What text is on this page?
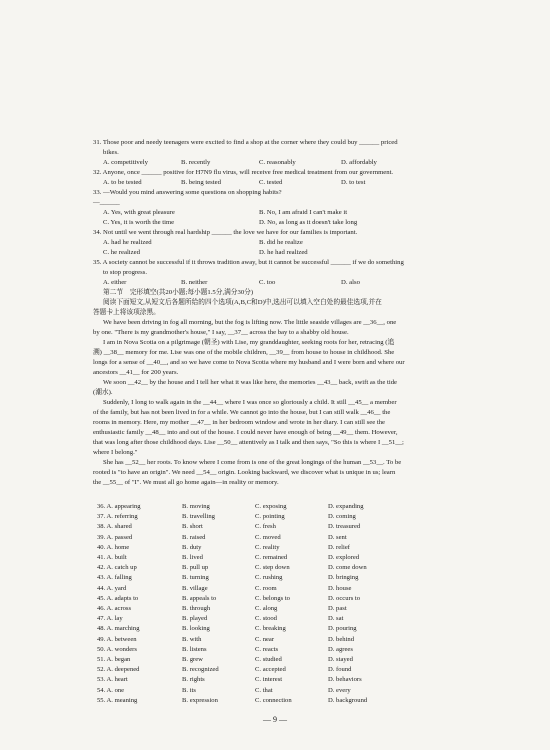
31. Those poor and needy teenagers were excited to find a shop at the corner where they could buy ______ priced
bikes.
A. competitively	B. recently	C. reasonably	D. affordably
32. Anyone, once ______ positive for H7N9 flu virus, will receive free medical treatment from our government.
A. to be tested	B. being tested	C. tested	D. to test
33. —Would you mind answering some questions on shopping habits?
—______
A. Yes, with great pleasure	B. No, I am afraid I can't make it
C. Yes, it is worth the time	D. No, as long as it doesn't take long
34. Not until we went through real hardship ______ the love we have for our families is important.
A. had he realized	B. did he realize
C. he realized	D. he had realized
35. A society cannot be successful if it throws tradition away, but it cannot be successful ______ if we do something
to stop progress.
A. either	B. neither	C. too	D. also
第二节　完形填空(共20小题;每小题1.5分,满分30分)
阅读下面短文,从短文后各题所给的四个选项(A,B,C和D)中,选出可以填入空白处的最佳选项,并在
答题卡上将该项涂黑。
We have been driving in fog all morning, but the fog is lifting now. The little seaside villages are __36__, one
by one. "There is my grandmother's house," I say, __37__ across the bay to a shabby old house.
I am in Nova Scotia on a pilgrimage (朝圣) with Lise, my granddaughter, seeking roots for her, retracing (追
溯) __38__ memory for me. Lise was one of the mobile children, __39__ from house to house in childhood. She
longs for a sense of __40__, and so we have come to Nova Scotia where my husband and I were born and where our
ancestors __41__ for 200 years.
We soon __42__ by the house and I tell her what it was like here, the memories __43__ back, swift as the tide
(潮水).
Suddenly, I long to walk again in the __44__ where I was once so gloriously a child. It still __45__ a member
of the family, but has not been lived in for a while. We cannot go into the house, but I can still walk __46__ the
rooms in memory. Here, my mother __47__ in her bedroom window and wrote in her diary. I can still see the
enthusiastic family __48__ into and out of the house. I could never have enough of being __49__ them. However,
that was long after those childhood days. Lise __50__ attentively as I talk and then says, "So this is where I __51__;
where I belong."
She has __52__ her roots. To know where I come from is one of the great longings of the human __53__. To be
rooted is "to have an origin". We need __54__ origin. Looking backward, we discover what is unique in us; learn
the __55__ of "I". We must all go home again—in reality or memory.
36. A. appearing	B. moving	C. exposing	D. expanding
37. A. referring	B. travelling	C. pointing	D. coming
38. A. shared	B. short	C. fresh	D. treasured
39. A. passed	B. raised	C. moved	D. sent
40. A. home	B. duty	C. reality	D. relief
41. A. built	B. lived	C. remained	D. explored
42. A. catch up	B. pull up	C. step down	D. come down
43. A. falling	B. turning	C. rushing	D. bringing
44. A. yard	B. village	C. room	D. house
45. A. adapts to	B. appeals to	C. belongs to	D. occurs to
46. A. across	B. through	C. along	D. past
47. A. lay	B. played	C. stood	D. sat
48. A. marching	B. looking	C. breaking	D. pouring
49. A. between	B. with	C. near	D. behind
50. A. wonders	B. listens	C. reacts	D. agrees
51. A. began	B. grew	C. studied	D. stayed
52. A. deepened	B. recognized	C. accepted	D. found
53. A. heart	B. rights	C. interest	D. behaviors
54. A. one	B. its	C. that	D. every
55. A. meaning	B. expression	C. connection	D. background
— 9 —
